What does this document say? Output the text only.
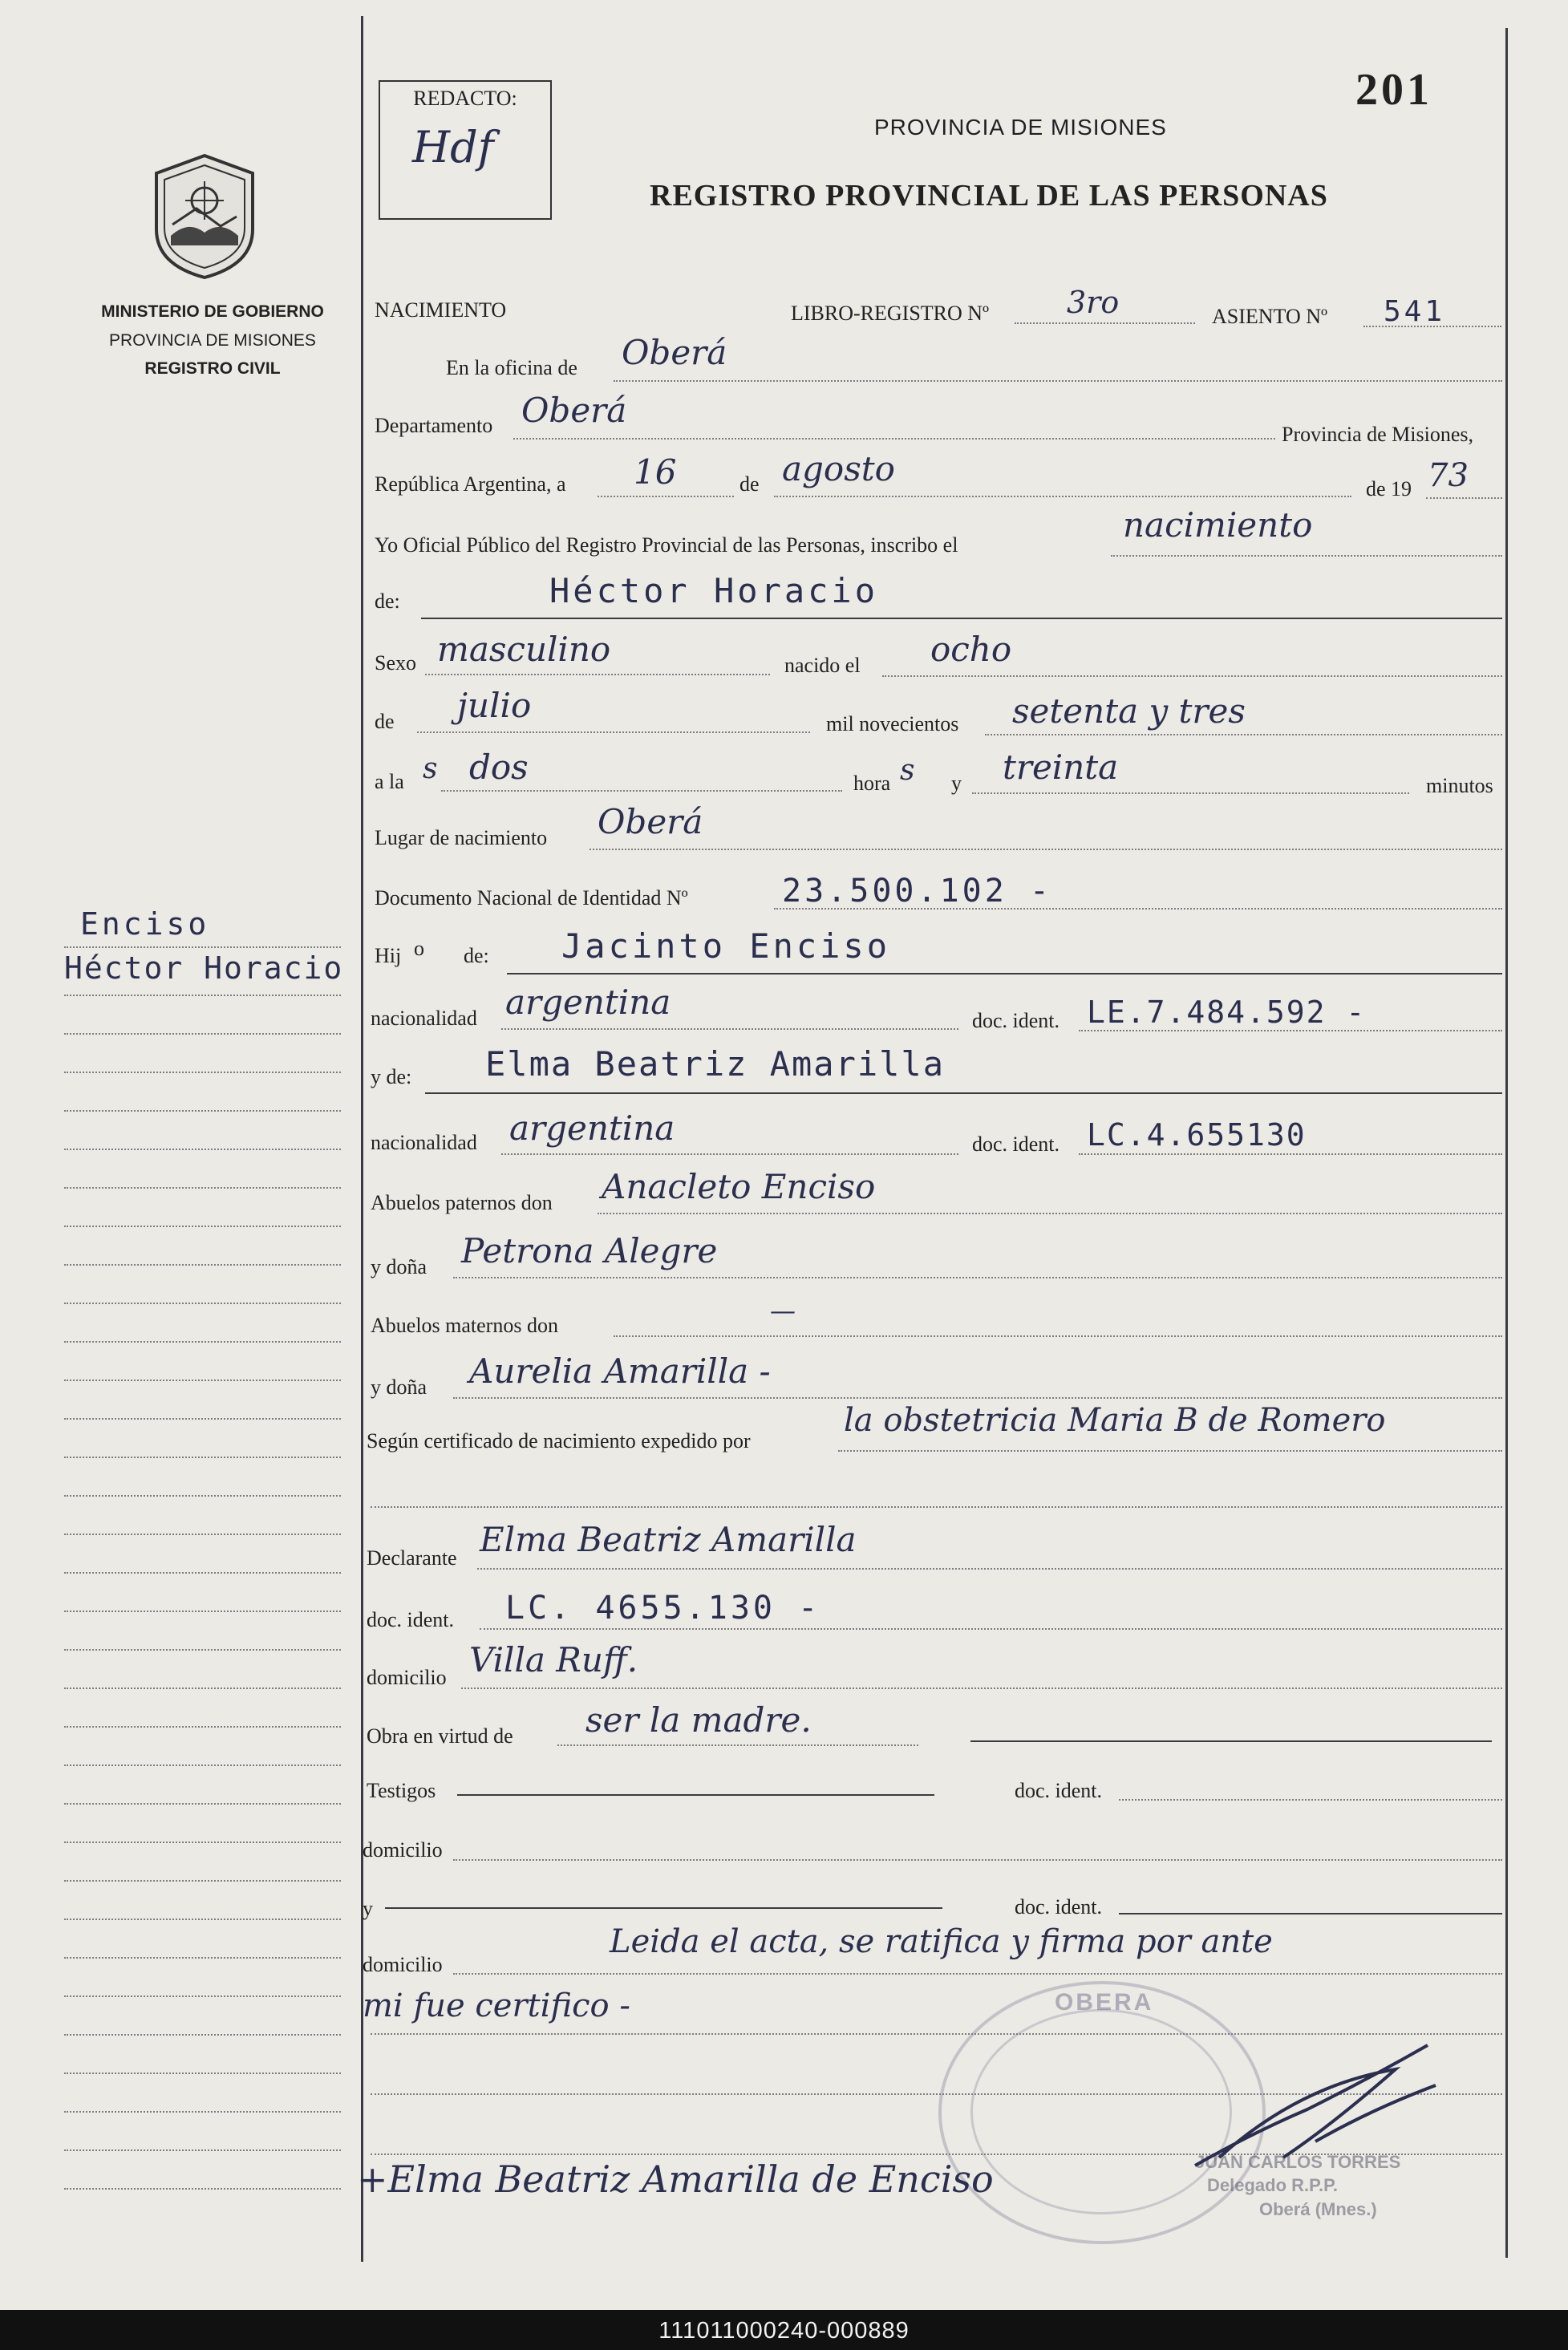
REDACTO:
Hdf
201
PROVINCIA DE MISIONES
REGISTRO PROVINCIAL DE LAS PERSONAS
MINISTERIO DE GOBIERNO
PROVINCIA DE MISIONES
REGISTRO CIVIL
Enciso
Héctor Horacio
NACIMIENTO	LIBRO-REGISTRO Nº	3ro	ASIENTO Nº 541
En la oficina de Oberá
Departamento Oberá
Provincia de Misiones,
República Argentina, a 16	de agosto
de 19 73
Yo Oficial Público del Registro Provincial de las Personas, inscribo el
nacimiento
de:	Héctor Horacio
Sexo masculino	nacido el ocho
de julio	mil novecientos setenta y tres
a la s dos	hora s y treinta	minutos
Lugar de nacimiento Oberá
Documento Nacional de Identidad Nº	23.500.102 -
Hij o de: Jacinto Enciso
nacionalidad argentina	doc. ident. LE.7.484.592 -
y de: Elma Beatriz Amarilla
nacionalidad argentina	doc. ident. LC.4.655130
Abuelos paternos don Anacleto Enciso
y doña Petrona Alegre
Abuelos maternos don	—
y doña Aurelia Amarilla -
Según certificado de nacimiento expedido por
la obstetricia Maria B de Romero
Declarante Elma Beatriz Amarilla
doc. ident. LC. 4655.130 -
domicilio Villa Ruff.
Obra en virtud de ser la madre.
Testigos	doc. ident.
domicilio
y	doc. ident.
domicilio
Leida el acta, se ratifica y firma por ante
mi fue certifico -	OBERA
JUAN CARLOS TORRES
Delegado R.P.P.
Oberá (Mnes.)
+Elma Beatriz Amarilla de Enciso
111011000240-000889
